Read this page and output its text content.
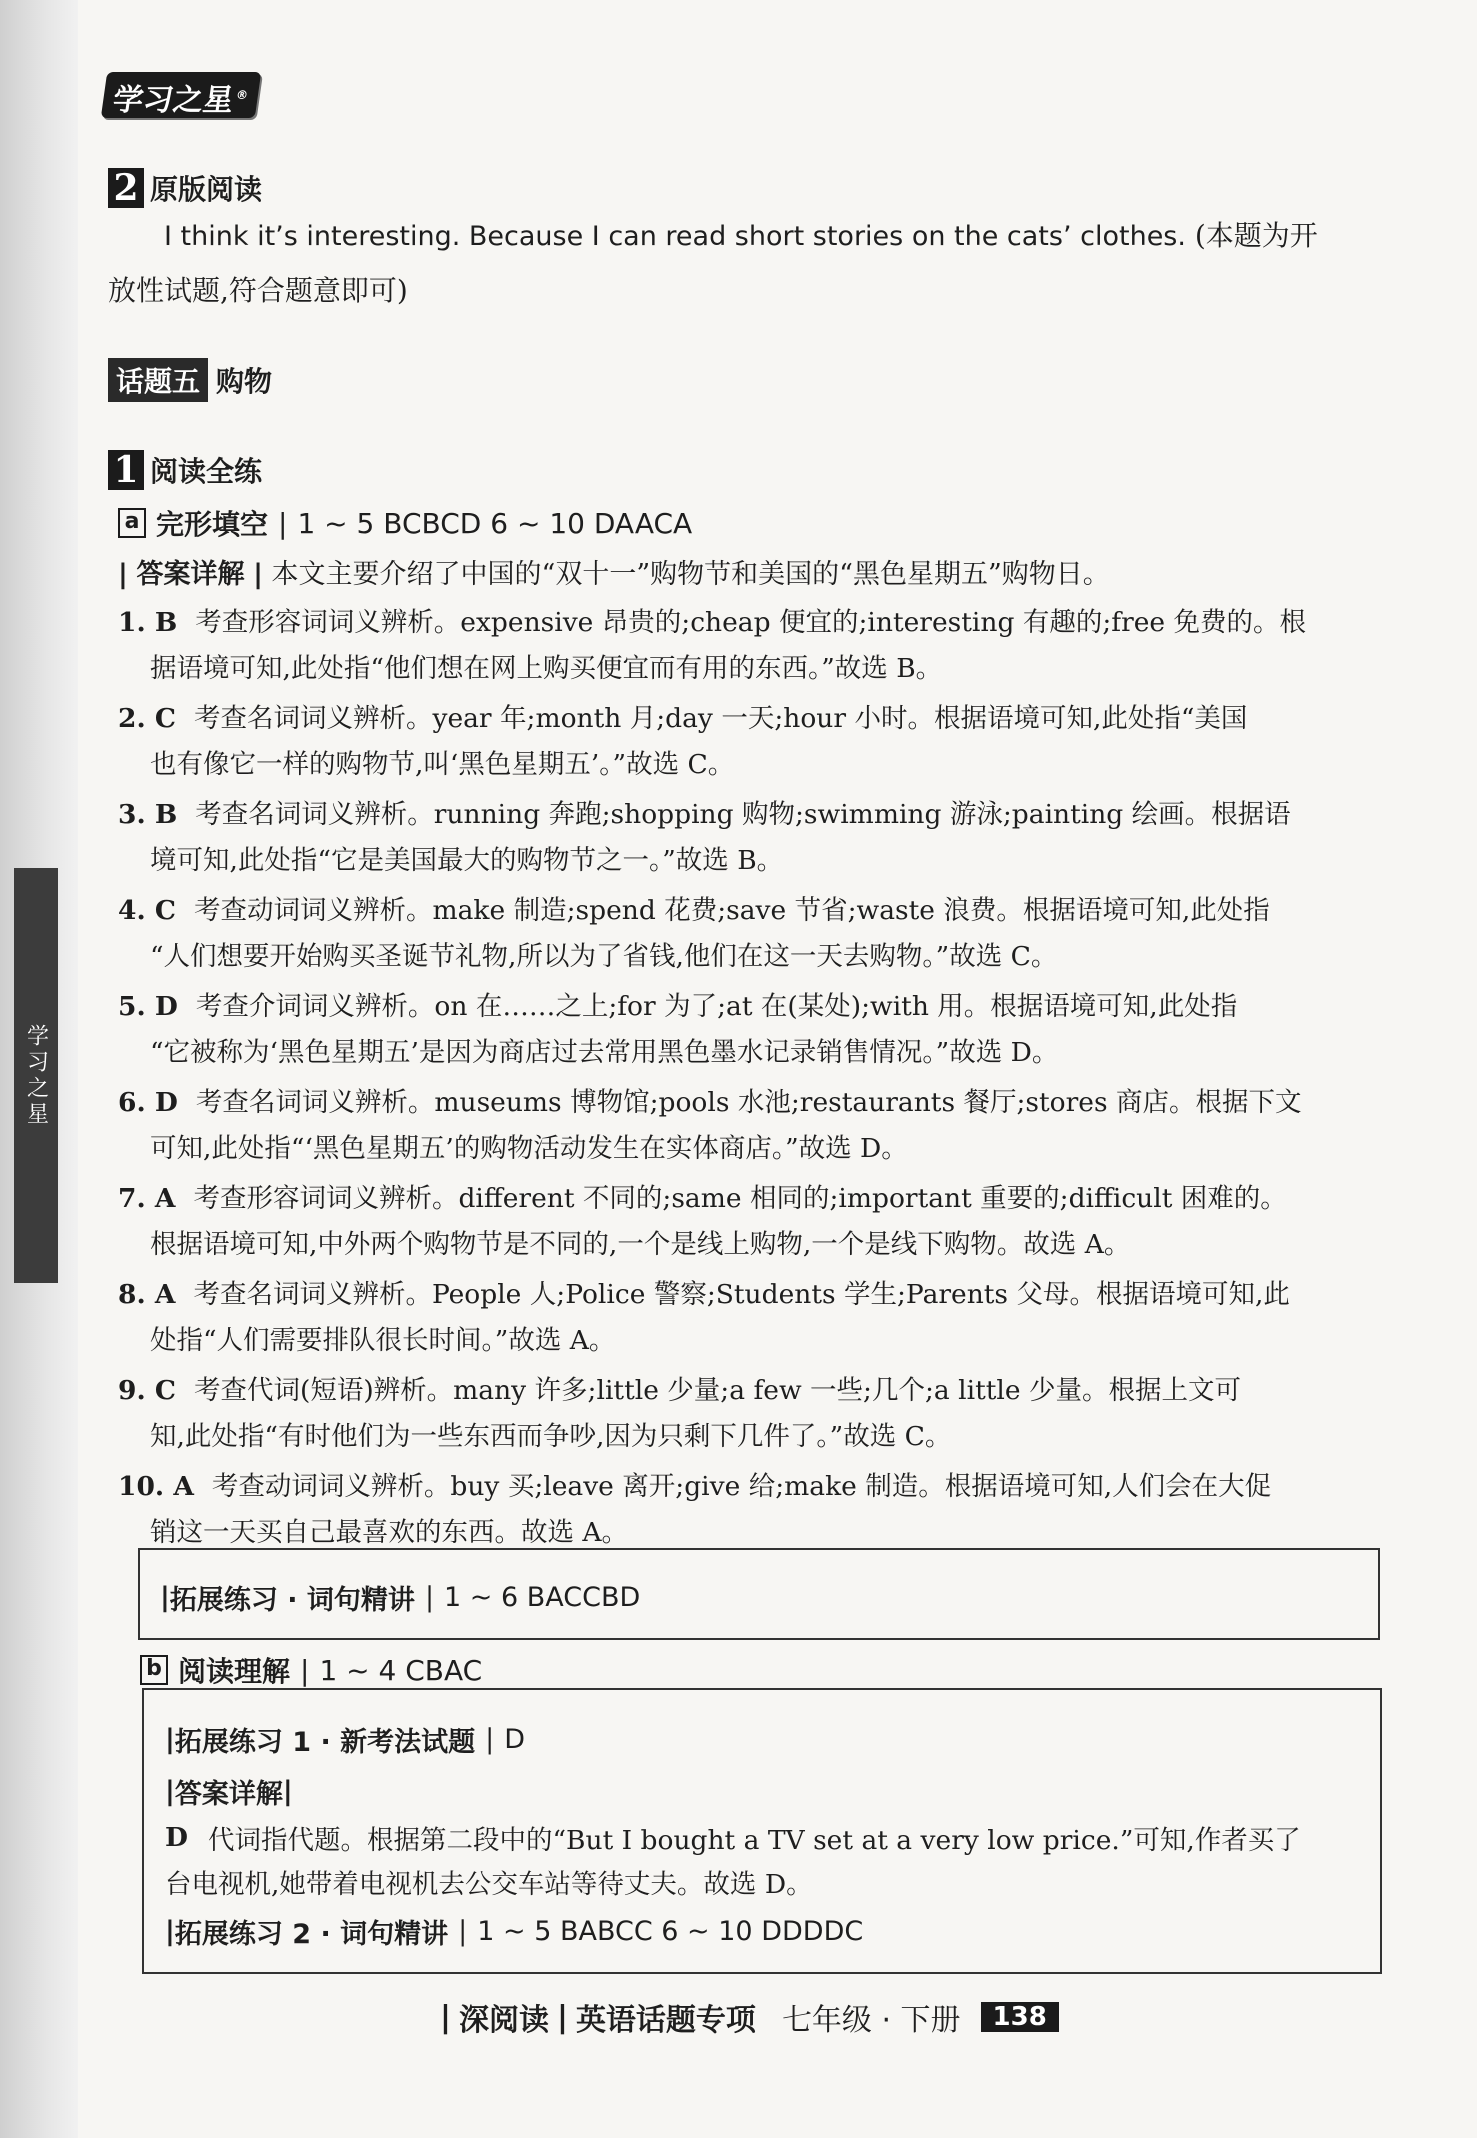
学习之星
学习之星®
2 原版阅读
I think it’s interesting. Because I can read short stories on the cats’ clothes. (本题为开
放性试题,符合题意即可)
话题五 购物
1 阅读全练
a 完形填空 | 1 ~ 5 BCBCD 6 ~ 10 DAACA
| 答案详解 | 本文主要介绍了中国的“双十一”购物节和美国的“黑色星期五”购物日。
1. B 考查形容词词义辨析。expensive 昂贵的;cheap 便宜的;interesting 有趣的;free 免费的。根
据语境可知,此处指“他们想在网上购买便宜而有用的东西。”故选 B。
2. C 考查名词词义辨析。year 年;month 月;day 一天;hour 小时。根据语境可知,此处指“美国
也有像它一样的购物节,叫‘黑色星期五’。”故选 C。
3. B 考查名词词义辨析。running 奔跑;shopping 购物;swimming 游泳;painting 绘画。根据语
境可知,此处指“它是美国最大的购物节之一。”故选 B。
4. C 考查动词词义辨析。make 制造;spend 花费;save 节省;waste 浪费。根据语境可知,此处指
“人们想要开始购买圣诞节礼物,所以为了省钱,他们在这一天去购物。”故选 C。
5. D 考查介词词义辨析。on 在……之上;for 为了;at 在(某处);with 用。根据语境可知,此处指
“它被称为‘黑色星期五’是因为商店过去常用黑色墨水记录销售情况。”故选 D。
6. D 考查名词词义辨析。museums 博物馆;pools 水池;restaurants 餐厅;stores 商店。根据下文
可知,此处指“‘黑色星期五’的购物活动发生在实体商店。”故选 D。
7. A 考查形容词词义辨析。different 不同的;same 相同的;important 重要的;difficult 困难的。
根据语境可知,中外两个购物节是不同的,一个是线上购物,一个是线下购物。故选 A。
8. A 考查名词词义辨析。People 人;Police 警察;Students 学生;Parents 父母。根据语境可知,此
处指“人们需要排队很长时间。”故选 A。
9. C 考查代词(短语)辨析。many 许多;little 少量;a few 一些;几个;a little 少量。根据上文可
知,此处指“有时他们为一些东西而争吵,因为只剩下几件了。”故选 C。
10. A 考查动词词义辨析。buy 买;leave 离开;give 给;make 制造。根据语境可知,人们会在大促
销这一天买自己最喜欢的东西。故选 A。
| 拓展练习 · 词句精讲 | 1 ~ 6 BACCBD
b 阅读理解 | 1 ~ 4 CBAC
| 拓展练习 1 · 新考法试题 | D
| 答案详解 |
D 代词指代题。根据第二段中的“But I bought a TV set at a very low price.”可知,作者买了
台电视机,她带着电视机去公交车站等待丈夫。故选 D。
| 拓展练习 2 · 词句精讲 | 1 ~ 5 BABCC 6 ~ 10 DDDDC
| 深阅读 | 英语话题专项 七年级 · 下册	138
